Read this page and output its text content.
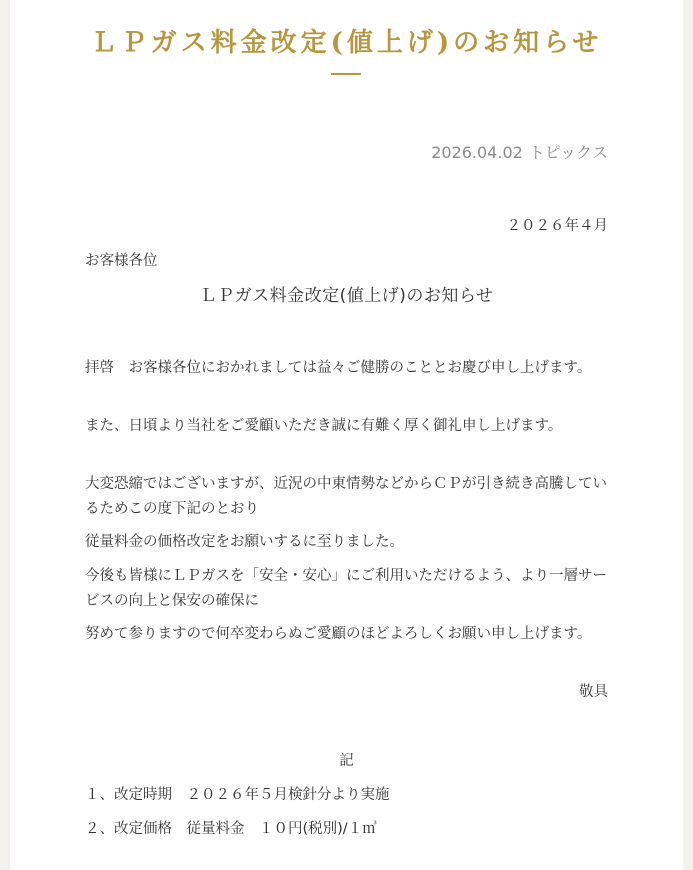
ＬＰガス料金改定(値上げ)のお知らせ
2026.04.02 トピックス

２０２６年４月

お客様各位

ＬＰガス料金改定(値上げ)のお知らせ

拝啓　お客様各位におかれましては益々ご健勝のこととお慶び申し上げます。

また、日頃より当社をご愛顧いただき誠に有難く厚く御礼申し上げます。

大変恐縮ではございますが、近況の中東情勢などからＣＰが引き続き高騰しているためこの度下記のとおり

従量料金の価格改定をお願いするに至りました。

今後も皆様にＬＰガスを「安全・安心」にご利用いただけるよう、より一層サービスの向上と保安の確保に

努めて参りますので何卒変わらぬご愛顧のほどよろしくお願い申し上げます。

敬具

記

１、改定時期　２０２６年５月検針分より実施

２、改定価格　従量料金　１０円(税別)/１㎥
